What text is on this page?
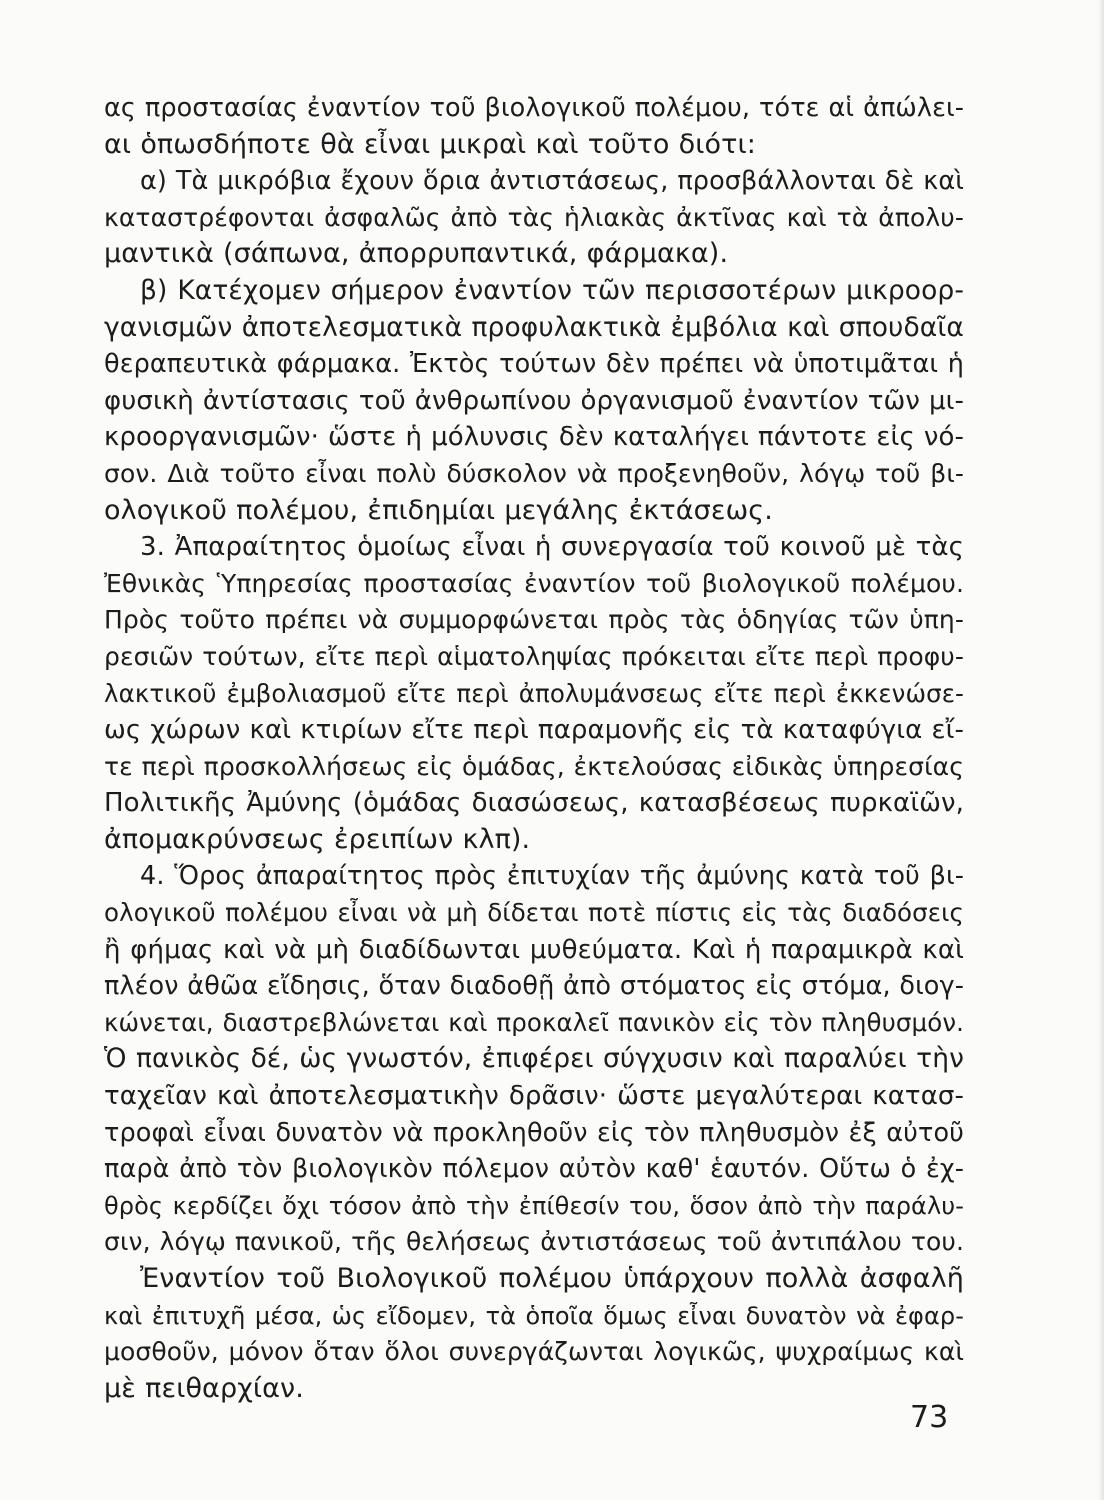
ας προστασίας ἐναντίον τοῦ βιολογικοῦ πολέμου, τότε αἱ ἀπώλει-
αι ὁπωσδήποτε θὰ εἶναι μικραὶ καὶ τοῦτο διότι:
α) Τὰ μικρόβια ἔχουν ὅρια ἀντιστάσεως, προσβάλλονται δὲ καὶ
καταστρέφονται ἀσφαλῶς ἀπὸ τὰς ἡλιακὰς ἀκτῖνας καὶ τὰ ἀπολυ-
μαντικὰ (σάπωνα, ἀπορρυπαντικά, φάρμακα).
β) Κατέχομεν σήμερον ἐναντίον τῶν περισσοτέρων μικροορ-
γανισμῶν ἀποτελεσματικὰ προφυλακτικὰ ἐμβόλια καὶ σπουδαῖα
θεραπευτικὰ φάρμακα. Ἐκτὸς τούτων δὲν πρέπει νὰ ὑποτιμᾶται ἡ
φυσικὴ ἀντίστασις τοῦ ἀνθρωπίνου ὀργανισμοῦ ἐναντίον τῶν μι-
κροοργανισμῶν· ὥστε ἡ μόλυνσις δὲν καταλήγει πάντοτε εἰς νό-
σον. Διὰ τοῦτο εἶναι πολὺ δύσκολον νὰ προξενηθοῦν, λόγῳ τοῦ βι-
ολογικοῦ πολέμου, ἐπιδημίαι μεγάλης ἐκτάσεως.
3. Ἀπαραίτητος ὁμοίως εἶναι ἡ συνεργασία τοῦ κοινοῦ μὲ τὰς
Ἐθνικὰς Ὑπηρεσίας προστασίας ἐναντίον τοῦ βιολογικοῦ πολέμου.
Πρὸς τοῦτο πρέπει νὰ συμμορφώνεται πρὸς τὰς ὁδηγίας τῶν ὑπη-
ρεσιῶν τούτων, εἴτε περὶ αἱματοληψίας πρόκειται εἴτε περὶ προφυ-
λακτικοῦ ἐμβολιασμοῦ εἴτε περὶ ἀπολυμάνσεως εἴτε περὶ ἐκκενώσε-
ως χώρων καὶ κτιρίων εἴτε περὶ παραμονῆς εἰς τὰ καταφύγια εἴ-
τε περὶ προσκολλήσεως εἰς ὁμάδας, ἐκτελούσας εἰδικὰς ὑπηρεσίας
Πολιτικῆς Ἀμύνης (ὁμάδας διασώσεως, κατασβέσεως πυρκαϊῶν,
ἀπομακρύνσεως ἐρειπίων κλπ).
4. Ὅρος ἀπαραίτητος πρὸς ἐπιτυχίαν τῆς ἀμύνης κατὰ τοῦ βι-
ολογικοῦ πολέμου εἶναι νὰ μὴ δίδεται ποτὲ πίστις εἰς τὰς διαδόσεις
ἢ φήμας καὶ νὰ μὴ διαδίδωνται μυθεύματα. Καὶ ἡ παραμικρὰ καὶ
πλέον ἀθῶα εἴδησις, ὅταν διαδοθῇ ἀπὸ στόματος εἰς στόμα, διογ-
κώνεται, διαστρεβλώνεται καὶ προκαλεῖ πανικὸν εἰς τὸν πληθυσμόν.
Ὁ πανικὸς δέ, ὡς γνωστόν, ἐπιφέρει σύγχυσιν καὶ παραλύει τὴν
ταχεῖαν καὶ ἀποτελεσματικὴν δρᾶσιν· ὥστε μεγαλύτεραι κατασ-
τροφαὶ εἶναι δυνατὸν νὰ προκληθοῦν εἰς τὸν πληθυσμὸν ἐξ αὐτοῦ
παρὰ ἀπὸ τὸν βιολογικὸν πόλεμον αὐτὸν καθ' ἑαυτόν. Οὕτω ὁ ἐχ-
θρὸς κερδίζει ὄχι τόσον ἀπὸ τὴν ἐπίθεσίν του, ὅσον ἀπὸ τὴν παράλυ-
σιν, λόγῳ πανικοῦ, τῆς θελήσεως ἀντιστάσεως τοῦ ἀντιπάλου του.
Ἐναντίον τοῦ Βιολογικοῦ πολέμου ὑπάρχουν πολλὰ ἀσφαλῆ
καὶ ἐπιτυχῆ μέσα, ὡς εἴδομεν, τὰ ὁποῖα ὅμως εἶναι δυνατὸν νὰ ἐφαρ-
μοσθοῦν, μόνον ὅταν ὅλοι συνεργάζωνται λογικῶς, ψυχραίμως καὶ
μὲ πειθαρχίαν.
73
